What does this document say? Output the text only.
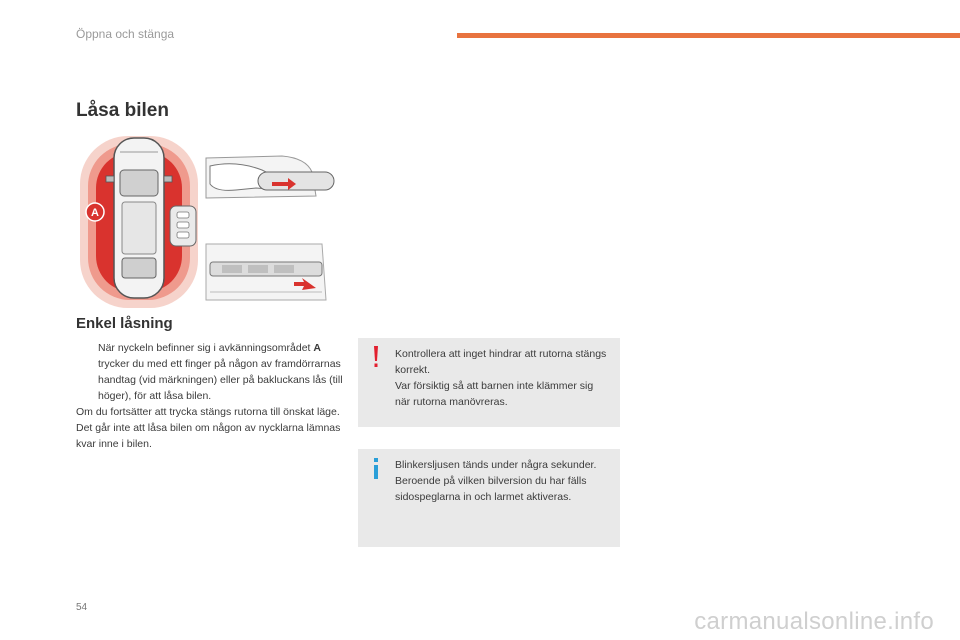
Öppna och stänga
Låsa bilen
A
Enkel låsning
När nyckeln befinner sig i avkänningsområdet A trycker du med ett finger på någon av framdörrarnas handtag (vid märkningen) eller på bakluckans lås (till höger), för att låsa bilen.

Om du fortsätter att trycka stängs rutorna till önskat läge.

Det går inte att låsa bilen om någon av nycklarna lämnas kvar inne i bilen.

Kontrollera att inget hindrar att rutorna stängs korrekt.
Var försiktig så att barnen inte klämmer sig när rutorna manövreras.
Blinkersljusen tänds under några sekunder.
Beroende på vilken bilversion du har fälls sidospeglarna in och larmet aktiveras.
54
carmanualsonline.info
